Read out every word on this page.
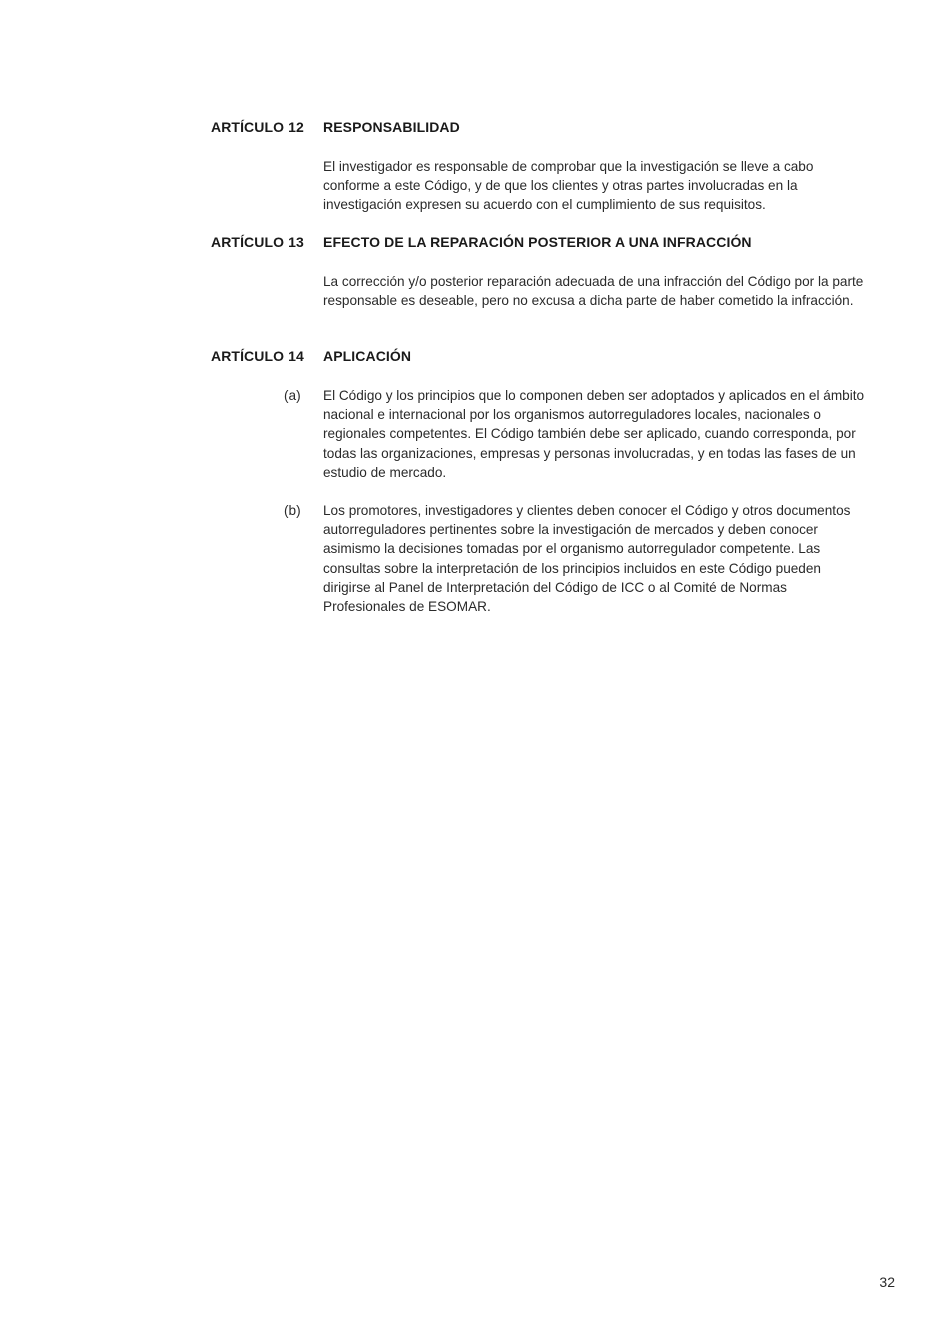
ARTÍCULO 12 RESPONSABILIDAD
El investigador es responsable de comprobar que la investigación se lleve a cabo conforme a este Código, y de que los clientes y otras partes involucradas en la investigación expresen su acuerdo con el cumplimiento de sus requisitos.
ARTÍCULO 13 EFECTO DE LA REPARACIÓN POSTERIOR A UNA INFRACCIÓN
La corrección y/o posterior reparación adecuada de una infracción del Código por la parte responsable es deseable, pero no excusa a dicha parte de haber cometido la infracción.
ARTÍCULO 14 APLICACIÓN
(a) El Código y los principios que lo componen deben ser adoptados y aplicados en el ámbito nacional e internacional por los organismos autorreguladores locales, nacionales o regionales competentes. El Código también debe ser aplicado, cuando corresponda, por todas las organizaciones, empresas y personas involucradas, y en todas las fases de un estudio de mercado.
(b) Los promotores, investigadores y clientes deben conocer el Código y otros documentos autorreguladores pertinentes sobre la investigación de mercados y deben conocer asimismo la decisiones tomadas por el organismo autorregulador competente. Las consultas sobre la interpretación de los principios incluidos en este Código pueden dirigirse al Panel de Interpretación del Código de ICC o al Comité de Normas Profesionales de ESOMAR.
32
